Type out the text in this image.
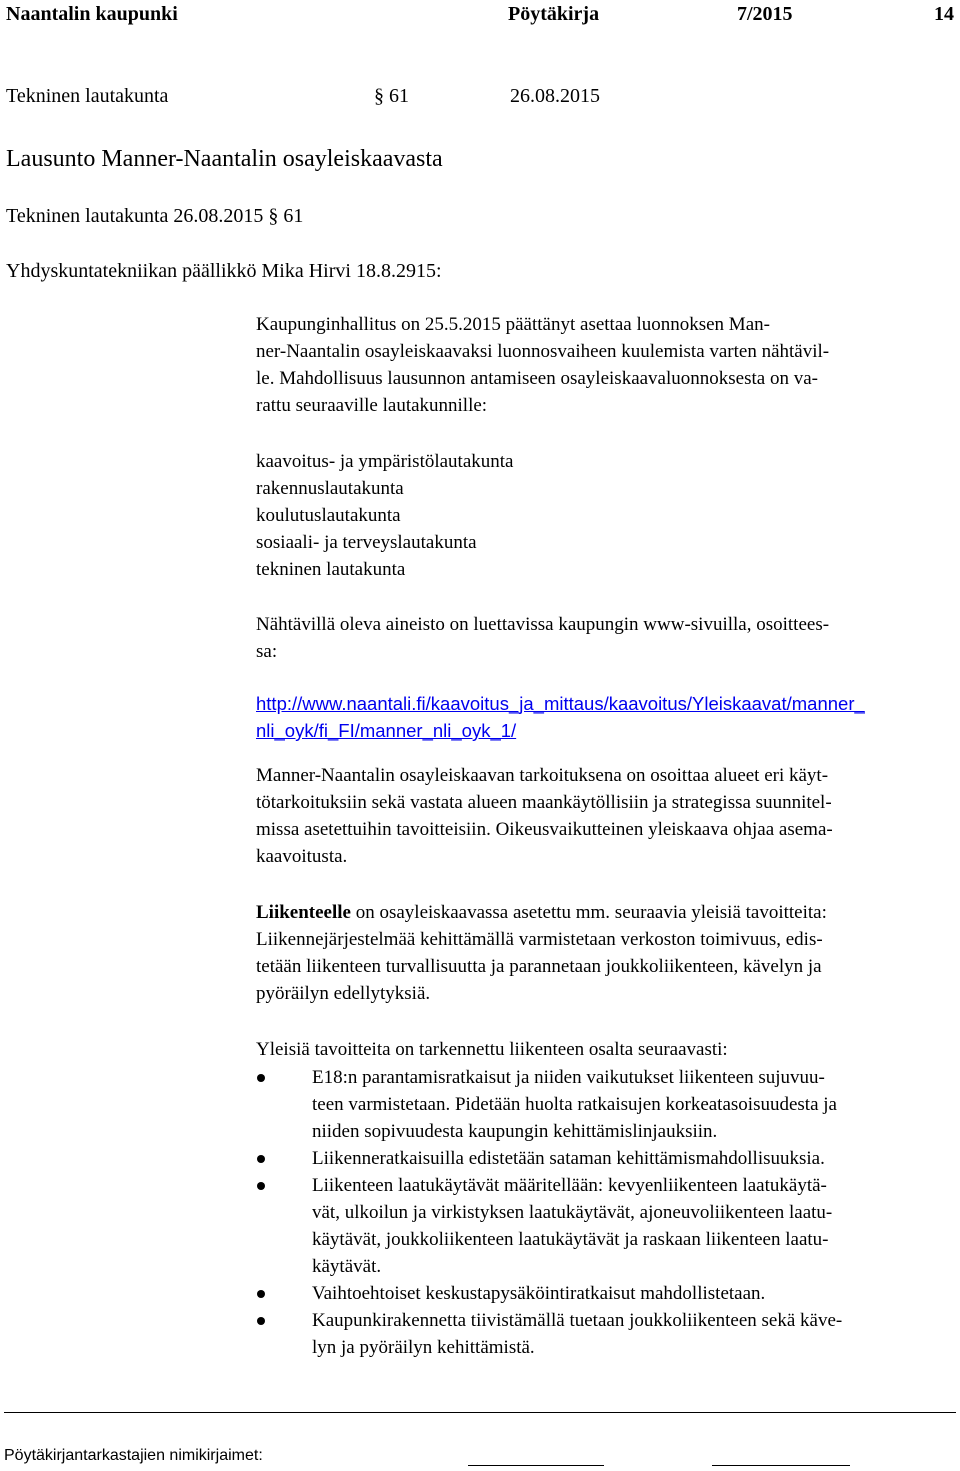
Naantalin kaupunki	Pöytäkirja	7/2015	14
Tekninen lautakunta	§ 61	26.08.2015
Lausunto Manner-Naantalin osayleiskaavasta
Tekninen lautakunta 26.08.2015 § 61
Yhdyskuntatekniikan päällikkö Mika Hirvi 18.8.2915:
Kaupunginhallitus on 25.5.2015 päättänyt asettaa luonnoksen Man-
ner-Naantalin osayleiskaavaksi luonnosvaiheen kuulemista varten nähtävil-
le. Mahdollisuus lausunnon antamiseen osayleiskaavaluonnoksesta on va-
rattu seuraaville lautakunnille:
kaavoitus- ja ympäristölautakunta
rakennuslautakunta
koulutuslautakunta
sosiaali- ja terveyslautakunta
tekninen lautakunta
Nähtävillä oleva aineisto on luettavissa kaupungin www-sivuilla, osoittees-
sa:
http://www.naantali.fi/kaavoitus_ja_mittaus/kaavoitus/Yleiskaavat/manner_
nli_oyk/fi_FI/manner_nli_oyk_1/
Manner-Naantalin osayleiskaavan tarkoituksena on osoittaa alueet eri käyt-
tötarkoituksiin sekä vastata alueen maankäytöllisiin ja strategissa suunnitel-
missa asetettuihin tavoitteisiin. Oikeusvaikutteinen yleiskaava ohjaa asema-
kaavoitusta.
Liikenteelle on osayleiskaavassa asetettu mm. seuraavia yleisiä tavoitteita:
Liikennejärjestelmää kehittämällä varmistetaan verkoston toimivuus, edis-
tetään liikenteen turvallisuutta ja parannetaan joukkoliikenteen, kävelyn ja
pyöräilyn edellytyksiä.
Yleisiä tavoitteita on tarkennettu liikenteen osalta seuraavasti:
E18:n parantamisratkaisut ja niiden vaikutukset liikenteen sujuvuu-
teen varmistetaan. Pidetään huolta ratkaisujen korkeatasoisuudesta ja
niiden sopivuudesta kaupungin kehittämislinjauksiin.
Liikenneratkaisuilla edistetään sataman kehittämismahdollisuuksia.
Liikenteen laatukäytävät määritellään: kevyenliikenteen laatukäytä-
vät, ulkoilun ja virkistyksen laatukäytävät, ajoneuvoliikenteen laatu-
käytävät, joukkoliikenteen laatukäytävät ja raskaan liikenteen laatu-
käytävät.
Vaihtoehtoiset keskustapysäköintiratkaisut mahdollistetaan.
Kaupunkirakennetta tiivistämällä tuetaan joukkoliikenteen sekä käve-
lyn ja pyöräilyn kehittämistä.
Pöytäkirjantarkastajien nimikirjaimet:
